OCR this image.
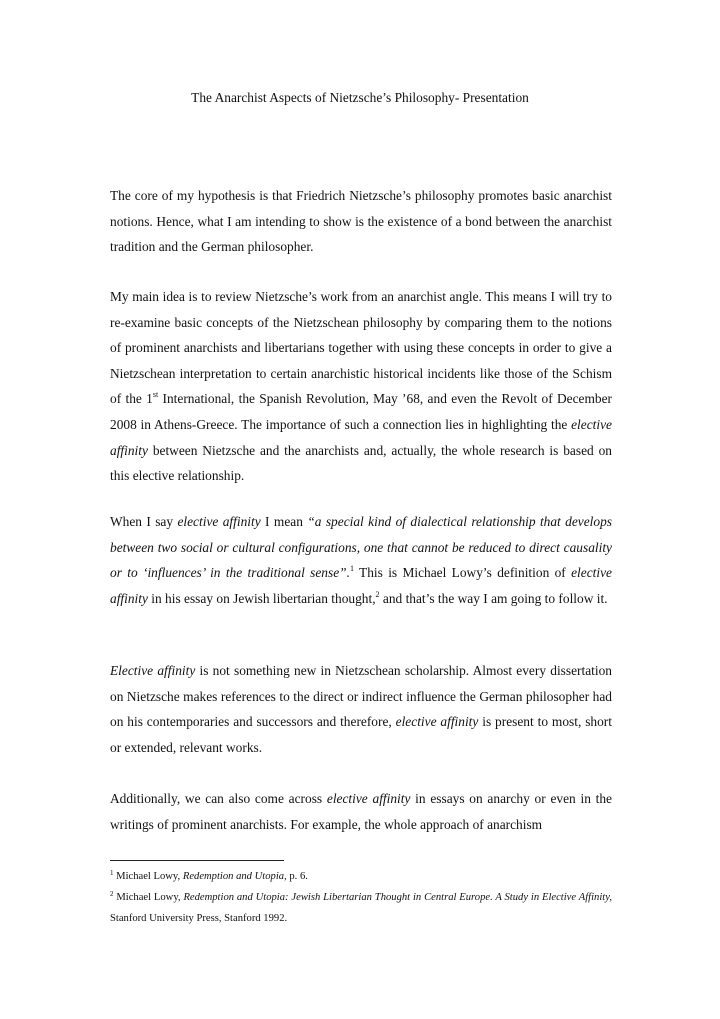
The Anarchist Aspects of Nietzsche’s Philosophy- Presentation

The core of my hypothesis is that Friedrich Nietzsche’s philosophy promotes basic anarchist notions. Hence, what I am intending to show is the existence of a bond between the anarchist tradition and the German philosopher.

My main idea is to review Nietzsche’s work from an anarchist angle. This means I will try to re-examine basic concepts of the Nietzschean philosophy by comparing them to the notions of prominent anarchists and libertarians together with using these concepts in order to give a Nietzschean interpretation to certain anarchistic historical incidents like those of the Schism of the 1st International, the Spanish Revolution, May ’68, and even the Revolt of December 2008 in Athens-Greece. The importance of such a connection lies in highlighting the elective affinity between Nietzsche and the anarchists and, actually, the whole research is based on this elective relationship.

When I say elective affinity I mean “a special kind of dialectical relationship that develops between two social or cultural configurations, one that cannot be reduced to direct causality or to ‘influences’ in the traditional sense”.$^1$ This is Michael Lowy’s definition of elective affinity in his essay on Jewish libertarian thought,$^2$ and that’s the way I am going to follow it.

Elective affinity is not something new in Nietzschean scholarship. Almost every dissertation on Nietzsche makes references to the direct or indirect influence the German philosopher had on his contemporaries and successors and therefore, elective affinity is present to most, short or extended, relevant works.

Additionally, we can also come across elective affinity in essays on anarchy or even in the writings of prominent anarchists. For example, the whole approach of anarchism

$^1$ Michael Lowy, Redemption and Utopia, p. 6.
$^2$ Michael Lowy, Redemption and Utopia: Jewish Libertarian Thought in Central Europe. A Study in Elective Affinity, Stanford University Press, Stanford 1992.
